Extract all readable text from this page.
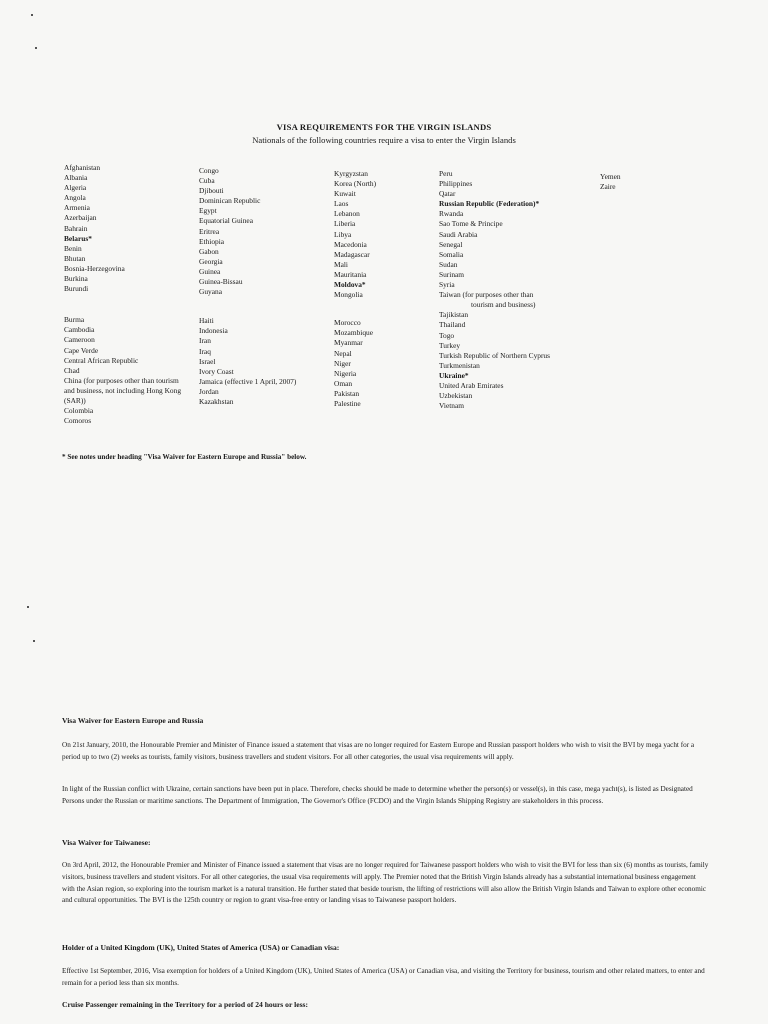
VISA REQUIREMENTS FOR THE VIRGIN ISLANDS
Nationals of the following countries require a visa to enter the Virgin Islands
Afghanistan
Albania
Algeria
Angola
Armenia
Azerbaijan
Bahrain
Belarus*
Benin
Bhutan
Bosnia-Herzegovina
Burkina
Burundi
Burma
Cambodia
Cameroon
Cape Verde
Central African Republic
Chad
China (for purposes other than tourism and business, not including Hong Kong (SAR))
Colombia
Comoros
Congo
Cuba
Djibouti
Dominican Republic
Egypt
Equatorial Guinea
Eritrea
Ethiopia
Gabon
Georgia
Guinea
Guinea-Bissau
Guyana
Haiti
Indonesia
Iran
Iraq
Israel
Ivory Coast
Jamaica (effective 1 April, 2007)
Jordan
Kazakhstan
Kyrgyzstan
Korea (North)
Kuwait
Laos
Lebanon
Liberia
Libya
Macedonia
Madagascar
Mali
Mauritania
Moldova*
Mongolia
Morocco
Mozambique
Myanmar
Nepal
Niger
Nigeria
Oman
Pakistan
Palestine
Peru
Philippines
Qatar
Russian Republic (Federation)*
Rwanda
Sao Tome & Principe
Saudi Arabia
Senegal
Somalia
Sudan
Surinam
Syria
Taiwan (for purposes other than
tourism and business)
Tajikistan
Thailand
Togo
Turkey
Turkish Republic of Northern Cyprus
Turkmenistan
Ukraine*
United Arab Emirates
Uzbekistan
Vietnam
Yemen
Zaire
* See notes under heading "Visa Waiver for Eastern Europe and Russia" below.
Visa Waiver for Eastern Europe and Russia
On 21st January, 2010, the Honourable Premier and Minister of Finance issued a statement that visas are no longer required for Eastern Europe and Russian passport holders who wish to visit the BVI by mega yacht for a period up to two (2) weeks as tourists, family visitors, business travellers and student visitors. For all other categories, the usual visa requirements will apply.
In light of the Russian conflict with Ukraine, certain sanctions have been put in place. Therefore, checks should be made to determine whether the person(s) or vessel(s), in this case, mega yacht(s), is listed as Designated Persons under the Russian or maritime sanctions. The Department of Immigration, The Governor's Office (FCDO) and the Virgin Islands Shipping Registry are stakeholders in this process.
Visa Waiver for Taiwanese:
On 3rd April, 2012, the Honourable Premier and Minister of Finance issued a statement that visas are no longer required for Taiwanese passport holders who wish to visit the BVI for less than six (6) months as tourists, family visitors, business travellers and student visitors. For all other categories, the usual visa requirements will apply. The Premier noted that the British Virgin Islands already has a substantial international business engagement with the Asian region, so exploring into the tourism market is a natural transition. He further stated that beside tourism, the lifting of restrictions will also allow the British Virgin Islands and Taiwan to explore other economic and cultural opportunities. The BVI is the 125th country or region to grant visa-free entry or landing visas to Taiwanese passport holders.
Holder of a United Kingdom (UK), United States of America (USA) or Canadian visa:
Effective 1st September, 2016, Visa exemption for holders of a United Kingdom (UK), United States of America (USA) or Canadian visa, and visiting the Territory for business, tourism and other related matters, to enter and remain for a period less than six months.
Cruise Passenger remaining in the Territory for a period of 24 hours or less:
